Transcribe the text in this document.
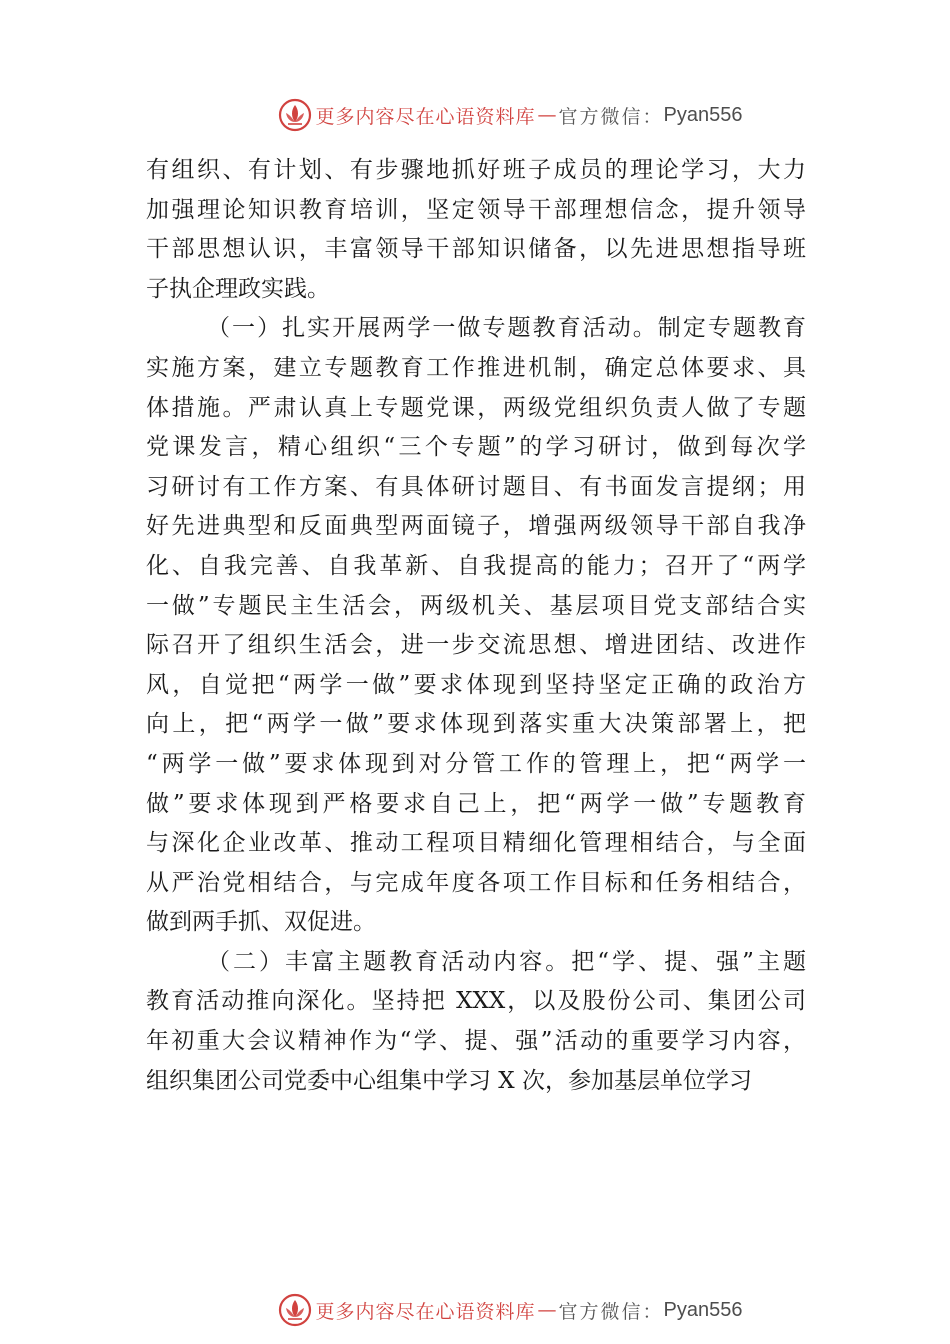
更多内容尽在心语资料库 — 官方微信： Pyan556
有组织、有计划、有步骤地抓好班子成员的理论学习，大力
加强理论知识教育培训，坚定领导干部理想信念，提升领导
干部思想认识，丰富领导干部知识储备，以先进思想指导班
子执企理政实践。
（一）扎实开展两学一做专题教育活动。制定专题教育
实施方案，建立专题教育工作推进机制，确定总体要求、具
体措施。严肃认真上专题党课，两级党组织负责人做了专题
党课发言，精心组织“三个专题”的学习研讨，做到每次学
习研讨有工作方案、有具体研讨题目、有书面发言提纲；用
好先进典型和反面典型两面镜子，增强两级领导干部自我净
化、自我完善、自我革新、自我提高的能力；召开了“两学
一做”专题民主生活会，两级机关、基层项目党支部结合实
际召开了组织生活会，进一步交流思想、增进团结、改进作
风，自觉把“两学一做”要求体现到坚持坚定正确的政治方
向上，把“两学一做”要求体现到落实重大决策部署上，把
“两学一做”要求体现到对分管工作的管理上，把“两学一
做”要求体现到严格要求自己上，把“两学一做”专题教育
与深化企业改革、推动工程项目精细化管理相结合，与全面
从严治党相结合，与完成年度各项工作目标和任务相结合，
做到两手抓、双促进。
（二）丰富主题教育活动内容。把“学、提、强”主题
教育活动推向深化。坚持把 XXX，以及股份公司、集团公司
年初重大会议精神作为“学、提、强”活动的重要学习内容，
组织集团公司党委中心组集中学习 X 次，参加基层单位学习
更多内容尽在心语资料库 — 官方微信： Pyan556
